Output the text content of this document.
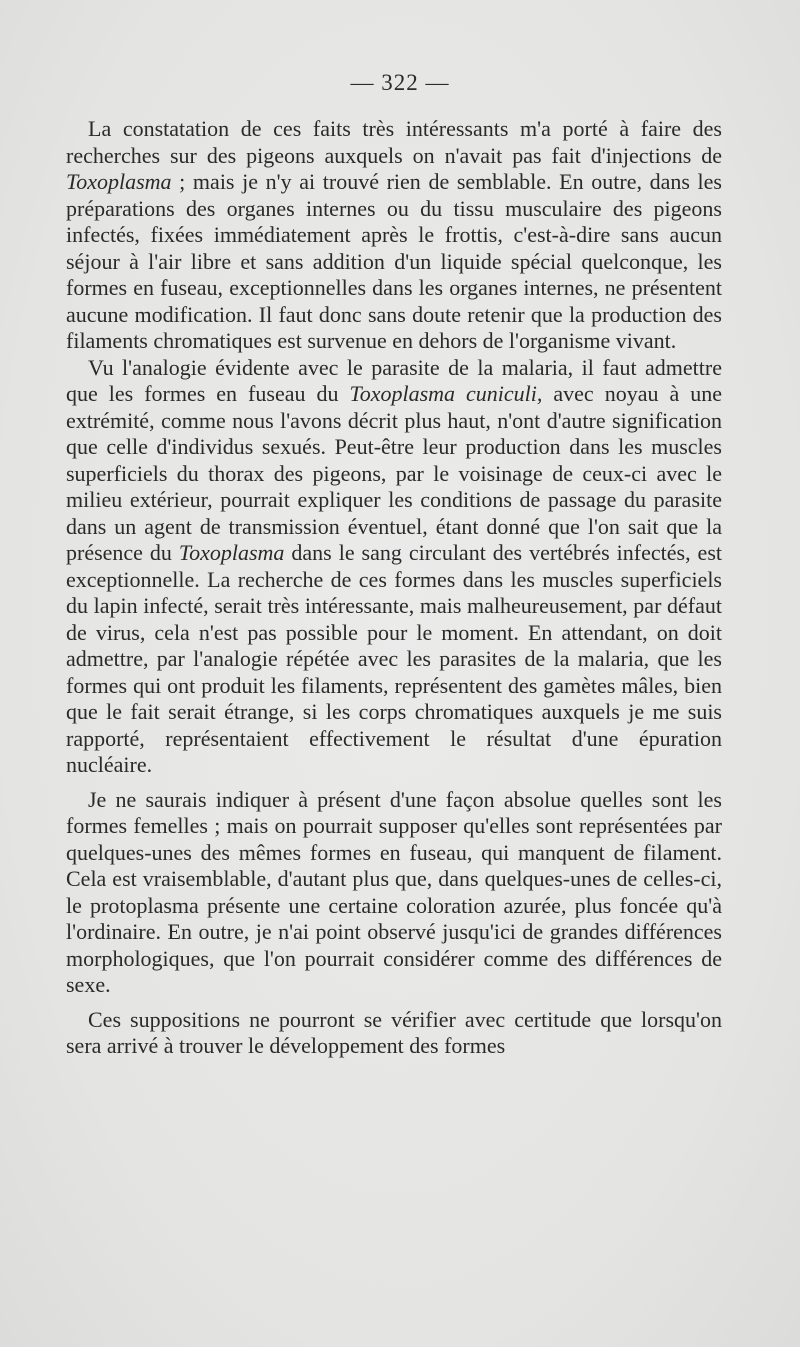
— 322 —

La constatation de ces faits très intéressants m'a porté à faire des recherches sur des pigeons auxquels on n'avait pas fait d'injections de Toxoplasma ; mais je n'y ai trouvé rien de semblable. En outre, dans les préparations des organes internes ou du tissu musculaire des pigeons infectés, fixées immédiatement après le frottis, c'est-à-dire sans aucun séjour à l'air libre et sans addition d'un liquide spécial quelconque, les formes en fuseau, exceptionnelles dans les organes internes, ne présentent aucune modification. Il faut donc sans doute retenir que la production des filaments chromatiques est survenue en dehors de l'organisme vivant.

Vu l'analogie évidente avec le parasite de la malaria, il faut admettre que les formes en fuseau du Toxoplasma cuniculi, avec noyau à une extrémité, comme nous l'avons décrit plus haut, n'ont d'autre signification que celle d'individus sexués. Peut-être leur production dans les muscles superficiels du thorax des pigeons, par le voisinage de ceux-ci avec le milieu extérieur, pourrait expliquer les conditions de passage du parasite dans un agent de transmission éventuel, étant donné que l'on sait que la présence du Toxoplasma dans le sang circulant des vertébrés infectés, est exceptionnelle. La recherche de ces formes dans les muscles superficiels du lapin infecté, serait très intéressante, mais malheureusement, par défaut de virus, cela n'est pas possible pour le moment. En attendant, on doit admettre, par l'analogie répétée avec les parasites de la malaria, que les formes qui ont produit les filaments, représentent des gamètes mâles, bien que le fait serait étrange, si les corps chromatiques auxquels je me suis rapporté, représentaient effectivement le résultat d'une épuration nucléaire.

Je ne saurais indiquer à présent d'une façon absolue quelles sont les formes femelles ; mais on pourrait supposer qu'elles sont représentées par quelques-unes des mêmes formes en fuseau, qui manquent de filament. Cela est vraisemblable, d'autant plus que, dans quelques-unes de celles-ci, le protoplasma présente une certaine coloration azurée, plus foncée qu'à l'ordinaire. En outre, je n'ai point observé jusqu'ici de grandes différences morphologiques, que l'on pourrait considérer comme des différences de sexe.

Ces suppositions ne pourront se vérifier avec certitude que lorsqu'on sera arrivé à trouver le développement des formes
